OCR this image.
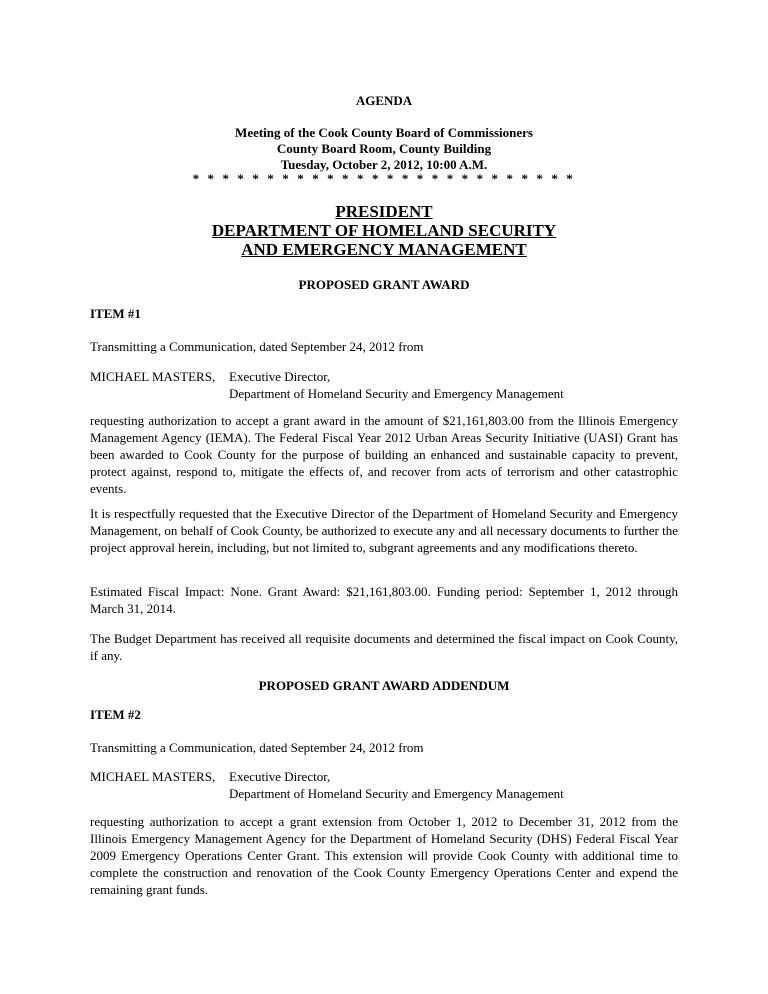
AGENDA
Meeting of the Cook County Board of Commissioners
County Board Room, County Building
Tuesday, October 2, 2012, 10:00 A.M.
* * * * * * * * * * * * * * * * * * * * * * * * * *
PRESIDENT
DEPARTMENT OF HOMELAND SECURITY
AND EMERGENCY MANAGEMENT
PROPOSED GRANT AWARD
ITEM #1
Transmitting a Communication, dated September 24, 2012 from
MICHAEL MASTERS,	Executive Director,
Department of Homeland Security and Emergency Management
requesting authorization to accept a grant award in the amount of $21,161,803.00 from the Illinois Emergency Management Agency (IEMA). The Federal Fiscal Year 2012 Urban Areas Security Initiative (UASI) Grant has been awarded to Cook County for the purpose of building an enhanced and sustainable capacity to prevent, protect against, respond to, mitigate the effects of, and recover from acts of terrorism and other catastrophic events.
It is respectfully requested that the Executive Director of the Department of Homeland Security and Emergency Management, on behalf of Cook County, be authorized to execute any and all necessary documents to further the project approval herein, including, but not limited to, subgrant agreements and any modifications thereto.
Estimated Fiscal Impact: None. Grant Award: $21,161,803.00. Funding period: September 1, 2012 through March 31, 2014.
The Budget Department has received all requisite documents and determined the fiscal impact on Cook County, if any.
PROPOSED GRANT AWARD ADDENDUM
ITEM #2
Transmitting a Communication, dated September 24, 2012 from
MICHAEL MASTERS,	Executive Director,
Department of Homeland Security and Emergency Management
requesting authorization to accept a grant extension from October 1, 2012 to December 31, 2012 from the Illinois Emergency Management Agency for the Department of Homeland Security (DHS) Federal Fiscal Year 2009 Emergency Operations Center Grant. This extension will provide Cook County with additional time to complete the construction and renovation of the Cook County Emergency Operations Center and expend the remaining grant funds.
